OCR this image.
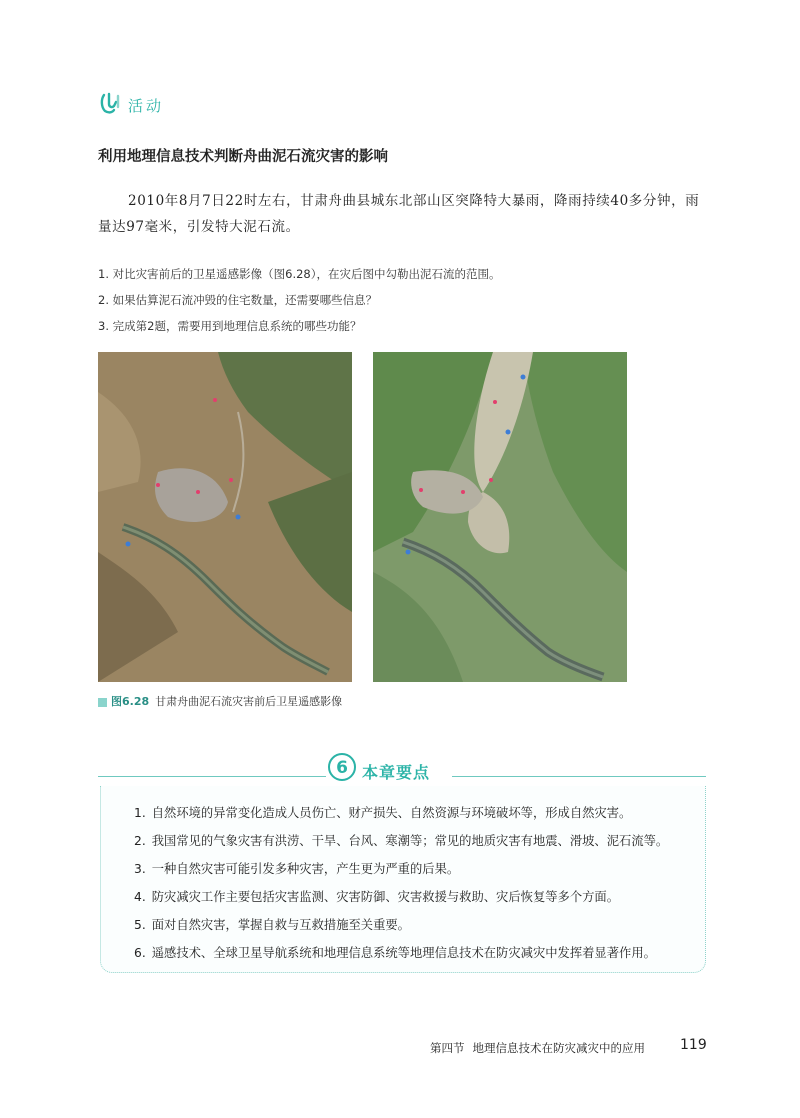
活动
利用地理信息技术判断舟曲泥石流灾害的影响
2010年8月7日22时左右，甘肃舟曲县城东北部山区突降特大暴雨，降雨持续40多分钟，雨量达97毫米，引发特大泥石流。
1. 对比灾害前后的卫星遥感影像（图6.28），在灾后图中勾勒出泥石流的范围。
2. 如果估算泥石流冲毁的住宅数量，还需要哪些信息？
3. 完成第2题，需要用到地理信息系统的哪些功能？
图6.28 甘肃舟曲泥石流灾害前后卫星遥感影像
6 本章要点
1. 自然环境的异常变化造成人员伤亡、财产损失、自然资源与环境破坏等，形成自然灾害。
2. 我国常见的气象灾害有洪涝、干旱、台风、寒潮等；常见的地质灾害有地震、滑坡、泥石流等。
3. 一种自然灾害可能引发多种灾害，产生更为严重的后果。
4. 防灾减灾工作主要包括灾害监测、灾害防御、灾害救援与救助、灾后恢复等多个方面。
5. 面对自然灾害，掌握自救与互救措施至关重要。
6. 遥感技术、全球卫星导航系统和地理信息系统等地理信息技术在防灾减灾中发挥着显著作用。
第四节 地理信息技术在防灾减灾中的应用	119
